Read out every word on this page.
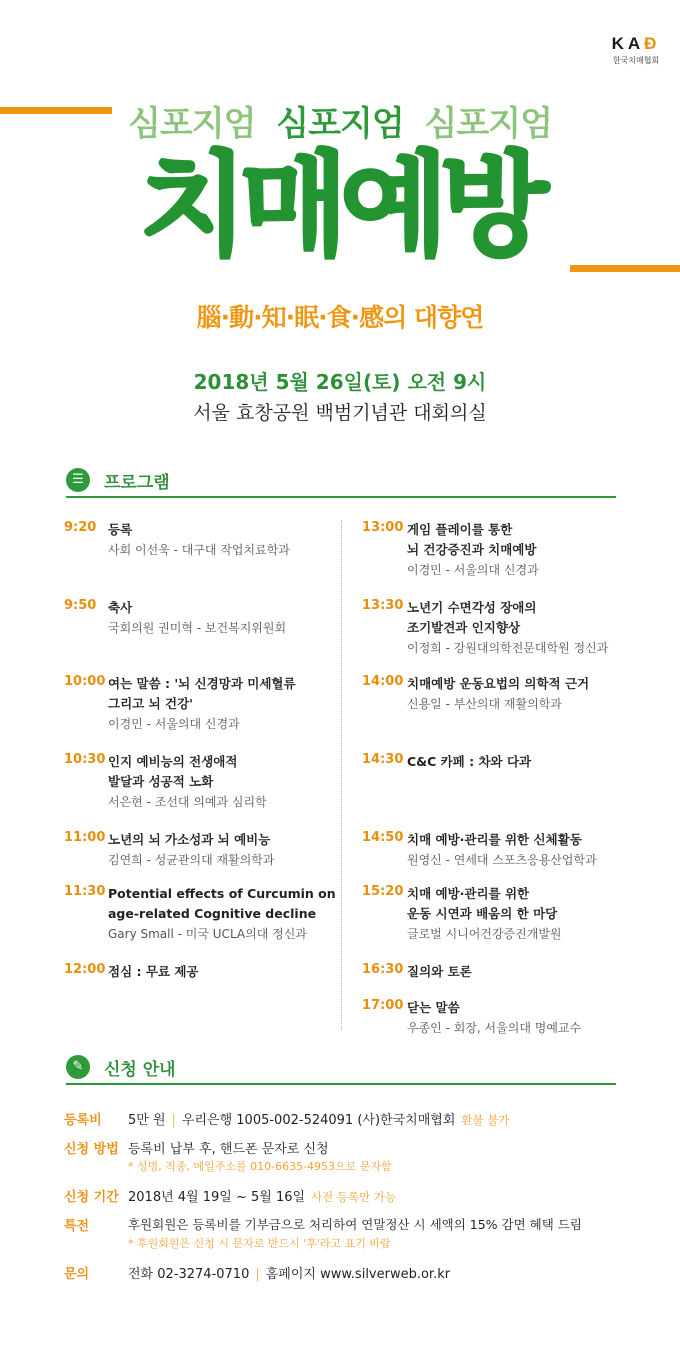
KAĐ
한국치매협회
심포지엄 심포지엄 심포지엄
치매예방
腦·動·知·眠·食·感의 대향연
2018년 5월 26일(토) 오전 9시
서울 효창공원 백범기념관 대회의실
☰	프로그램
9:20 등록
사회 이선욱 - 대구대 작업치료학과
9:50 축사
국회의원 권미혁 - 보건복지위원회
10:00 여는 말씀 : '뇌 신경망과 미세혈류
그리고 뇌 건강'
이경민 - 서울의대 신경과
10:30 인지 예비능의 전생애적
발달과 성공적 노화
서은현 - 조선대 의예과 심리학
11:00 노년의 뇌 가소성과 뇌 예비능
김연희 - 성균관의대 재활의학과
11:30 Potential effects of Curcumin on
age-related Cognitive decline
Gary Small - 미국 UCLA의대 정신과
12:00 점심 : 무료 제공
13:00 게임 플레이를 통한
뇌 건강증진과 치매예방
이경민 - 서울의대 신경과
13:30 노년기 수면각성 장애의
조기발견과 인지향상
이정희 - 강원대의학전문대학원 정신과
14:00 치매예방 운동요법의 의학적 근거
신용일 - 부산의대 재활의학과
14:30 C&C 카페 : 차와 다과
14:50 치매 예방·관리를 위한 신체활동
원영신 - 연세대 스포츠응용산업학과
15:20 치매 예방·관리를 위한
운동 시연과 배움의 한 마당
글로벌 시니어건강증진개발원
16:30 질의와 토론
17:00 닫는 말씀
우종인 - 회장, 서울의대 명예교수
✎	신청 안내
등록비 5만 원 | 우리은행 1005-002-524091 (사)한국치매협회 환불 불가
신청 방법 등록비 납부 후, 핸드폰 문자로 신청
* 성명, 직종, 메일주소를 010-6635-4953으로 문자함
신청 기간 2018년 4월 19일 ~ 5월 16일 사전 등록만 가능
특전	후원회원은 등록비를 기부금으로 처리하여 연말정산 시 세액의 15% 감면 혜택 드림
* 후원회원은 신청 시 문자로 반드시 '후'라고 표기 바람
문의	전화 02-3274-0710 | 홈페이지 www.silverweb.or.kr
